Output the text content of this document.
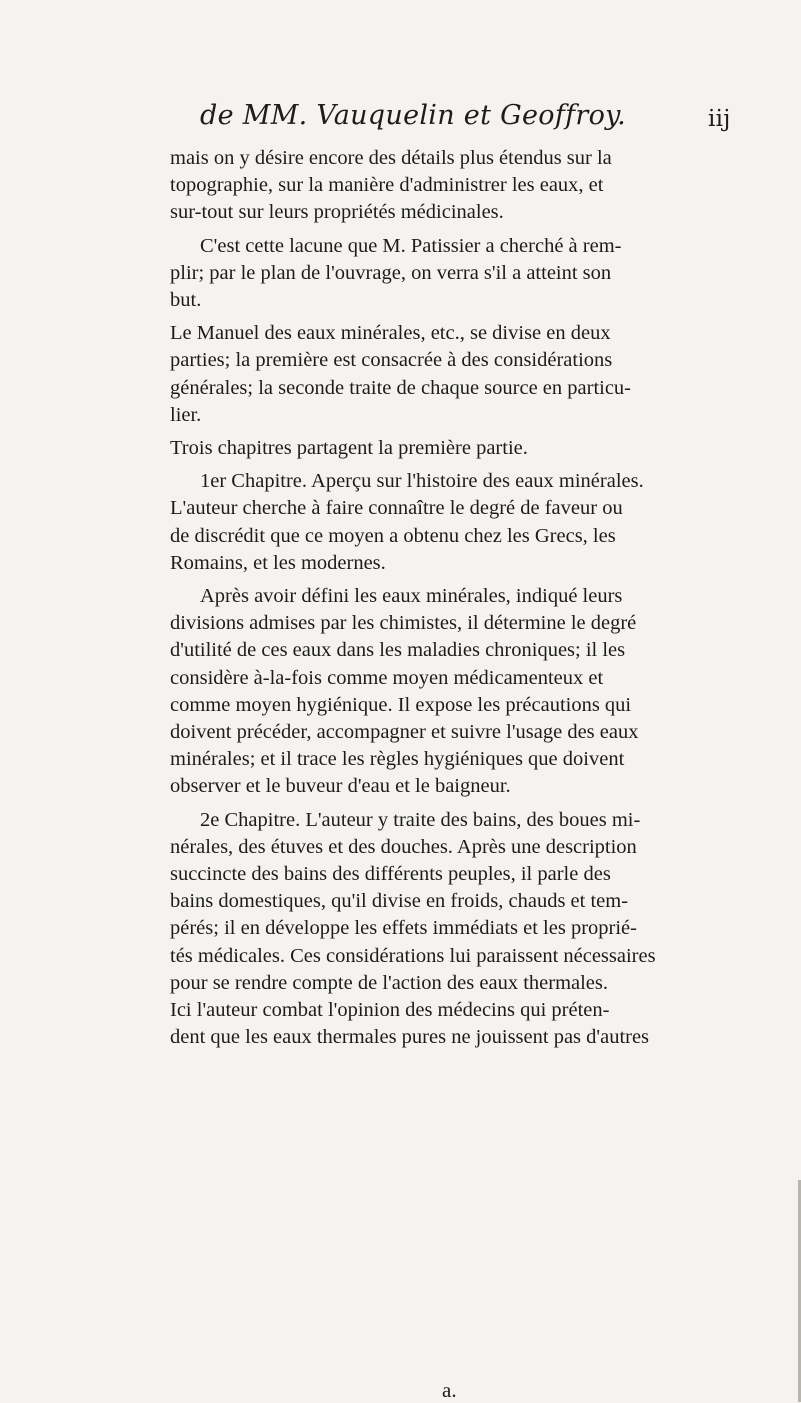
de MM. Vauquelin et Geoffroy.	iij

mais on y désire encore des détails plus étendus sur la
topographie, sur la manière d'administrer les eaux, et
sur-tout sur leurs propriétés médicinales.

C'est cette lacune que M. Patissier a cherché à rem-
plir; par le plan de l'ouvrage, on verra s'il a atteint son
but.

Le Manuel des eaux minérales, etc., se divise en deux
parties; la première est consacrée à des considérations
générales; la seconde traite de chaque source en particu-
lier.

Trois chapitres partagent la première partie.

1er Chapitre. Aperçu sur l'histoire des eaux minérales.
L'auteur cherche à faire connaître le degré de faveur ou
de discrédit que ce moyen a obtenu chez les Grecs, les
Romains, et les modernes.

Après avoir défini les eaux minérales, indiqué leurs
divisions admises par les chimistes, il détermine le degré
d'utilité de ces eaux dans les maladies chroniques; il les
considère à-la-fois comme moyen médicamenteux et
comme moyen hygiénique. Il expose les précautions qui
doivent précéder, accompagner et suivre l'usage des eaux
minérales; et il trace les règles hygiéniques que doivent
observer et le buveur d'eau et le baigneur.

2e Chapitre. L'auteur y traite des bains, des boues mi-
nérales, des étuves et des douches. Après une description
succincte des bains des différents peuples, il parle des
bains domestiques, qu'il divise en froids, chauds et tem-
pérés; il en développe les effets immédiats et les proprié-
tés médicales. Ces considérations lui paraissent nécessaires
pour se rendre compte de l'action des eaux thermales.
Ici l'auteur combat l'opinion des médecins qui préten-
dent que les eaux thermales pures ne jouissent pas d'autres

a.
